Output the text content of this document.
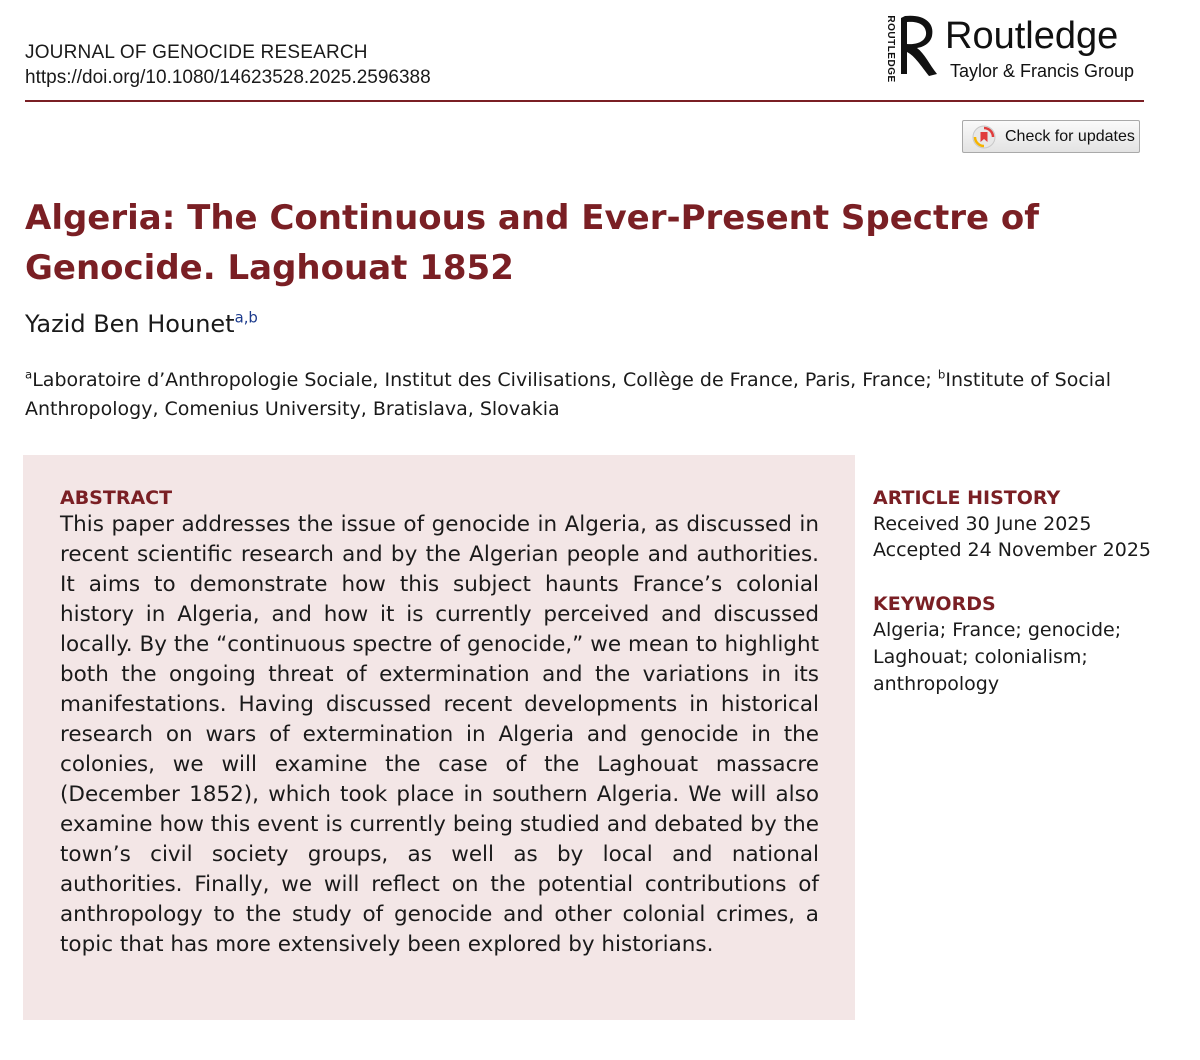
JOURNAL OF GENOCIDE RESEARCH
https://doi.org/10.1080/14623528.2025.2596388	ROUTLEDGE Routledge
Taylor & Francis Group
Check for updates
Algeria: The Continuous and Ever-Present Spectre of Genocide. Laghouat 1852
Yazid Ben Hounet$^{a,b}$
$^a$Laboratoire d’Anthropologie Sociale, Institut des Civilisations, Collège de France, Paris, France; $^b$Institute of Social Anthropology, Comenius University, Bratislava, Slovakia
ABSTRACT

This paper addresses the issue of genocide in Algeria, as discussed in recent scientific research and by the Algerian people and authorities. It aims to demonstrate how this subject haunts France’s colonial history in Algeria, and how it is currently perceived and discussed locally. By the “continuous spectre of genocide,” we mean to highlight both the ongoing threat of extermination and the variations in its manifestations. Having discussed recent developments in historical research on wars of extermination in Algeria and genocide in the colonies, we will examine the case of the Laghouat massacre (December 1852), which took place in southern Algeria. We will also examine how this event is currently being studied and debated by the town’s civil society groups, as well as by local and national authorities. Finally, we will reflect on the potential contributions of anthropology to the study of genocide and other colonial crimes, a topic that has more extensively been explored by historians.

ARTICLE HISTORY

Received 30 June 2025

Accepted 24 November 2025

KEYWORDS

Algeria; France; genocide; Laghouat; colonialism; anthropology
